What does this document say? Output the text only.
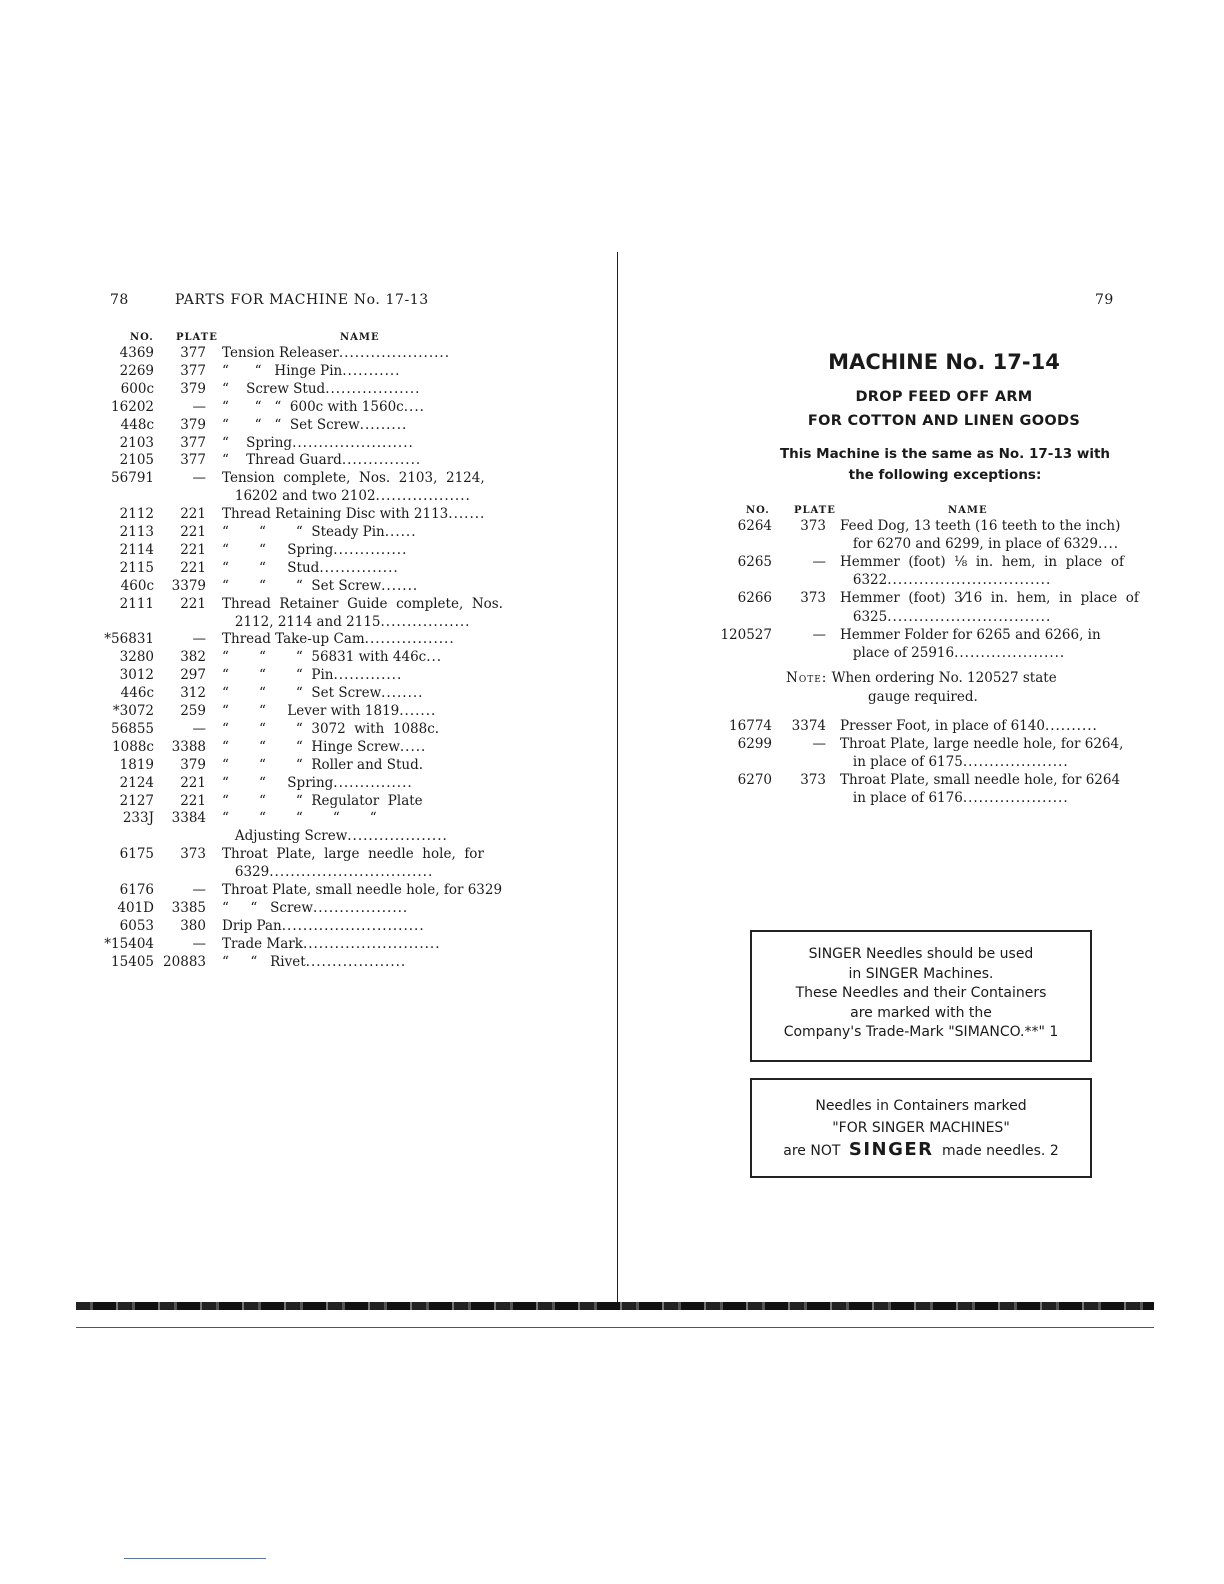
78	PARTS FOR MACHINE No. 17-13
NO. PLATE	NAME
4369	377 Tension Releaser.....................
2269	377 “      “   Hinge Pin...........
600c	379 “    Screw Stud..................
16202	— “      “   “  600c with 1560c....
448c	379 “      “   “  Set Screw.........
2103	377 “    Spring.......................
2105	377 “    Thread Guard...............
56791	— Tension  complete,  Nos.  2103,  2124,
16202 and two 2102..................
2112	221 Thread Retaining Disc with 2113.......
2113	221 “       “       “  Steady Pin......
2114	221 “       “     Spring..............
2115	221 “       “     Stud...............
460c	3379 “       “       “  Set Screw.......
2111	221 Thread  Retainer  Guide  complete,  Nos.
2112, 2114 and 2115.................
*56831	— Thread Take-up Cam.................
3280	382 “       “       “  56831 with 446c...
3012	297 “       “       “  Pin.............
446c	312 “       “       “  Set Screw........
*3072	259 “       “     Lever with 1819.......
56855	— “       “       “  3072  with  1088c.
1088c	3388 “       “       “  Hinge Screw.....
1819	379 “       “       “  Roller and Stud.
2124	221 “       “     Spring...............
2127	221 “       “       “  Regulator  Plate
233J	3384 “       “       “       “       “
Adjusting Screw...................
6175	373 Throat  Plate,  large  needle  hole,  for
6329...............................
6176	— Throat Plate, small needle hole, for 6329
401D	3385 “     “   Screw..................
6053	380 Drip Pan...........................
*15404	— Trade Mark..........................
15405 20883 “     “   Rivet...................
79
MACHINE No. 17-14
DROP FEED OFF ARM
FOR COTTON AND LINEN GOODS
This Machine is the same as No. 17-13 with
the following exceptions:
NO. PLATE	NAME
6264	373 Feed Dog, 13 teeth (16 teeth to the inch)
for 6270 and 6299, in place of 6329....
6265	— Hemmer  (foot)  ⅛  in.  hem,  in  place  of
6322...............................
6266	373 Hemmer  (foot)  3⁄16  in.  hem,  in  place  of
6325...............................
120527	— Hemmer Folder for 6265 and 6266, in
place of 25916.....................
Note: When ordering No. 120527 state
gauge required.
16774	3374 Presser Foot, in place of 6140..........
6299	— Throat Plate, large needle hole, for 6264,
in place of 6175....................
6270	373 Throat Plate, small needle hole, for 6264
in place of 6176....................
SINGER Needles should be used
in SINGER Machines.
These Needles and their Containers
are marked with the
Company's Trade-Mark "SIMANCO.**" 1
Needles in Containers marked
"FOR SINGER MACHINES"
are NOT SINGER made needles. 2
